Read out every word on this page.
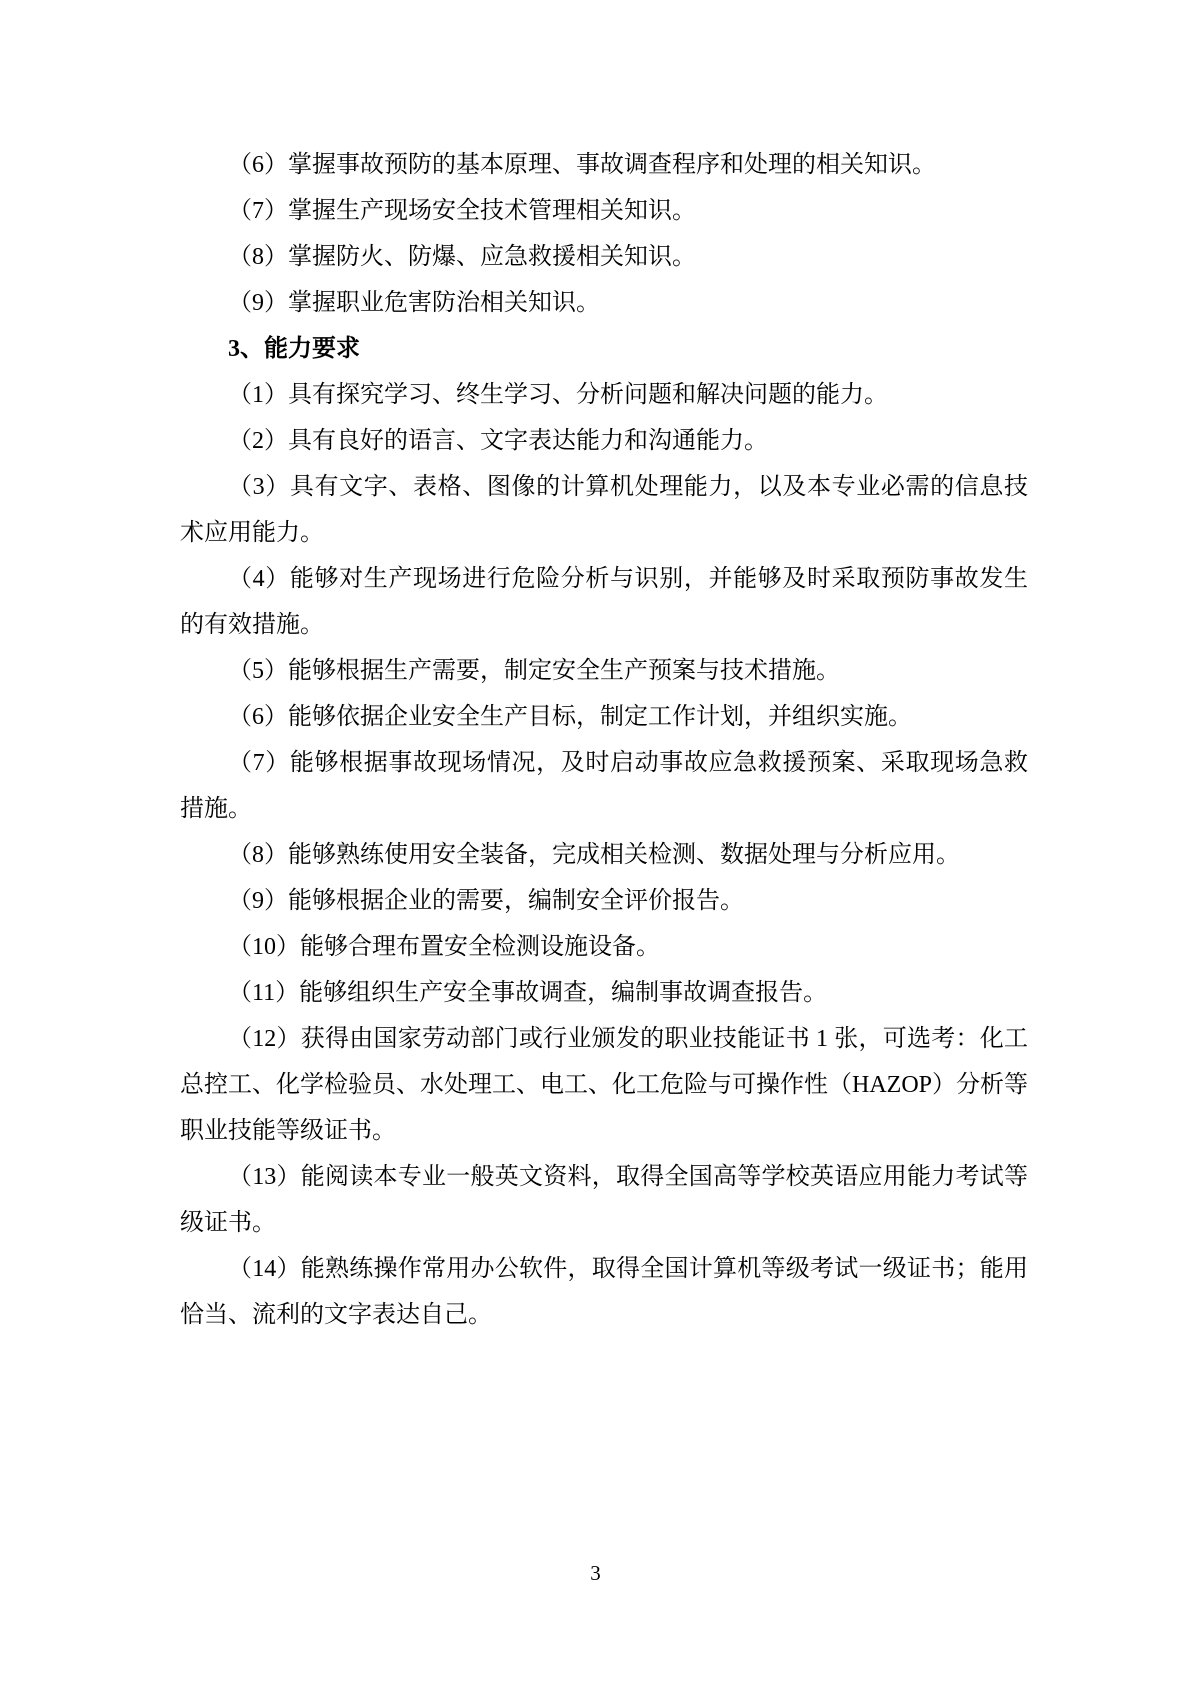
（6）掌握事故预防的基本原理、事故调查程序和处理的相关知识。

（7）掌握生产现场安全技术管理相关知识。

（8）掌握防火、防爆、应急救援相关知识。

（9）掌握职业危害防治相关知识。

3、能力要求

（1）具有探究学习、终生学习、分析问题和解决问题的能力。

（2）具有良好的语言、文字表达能力和沟通能力。

（3）具有文字、表格、图像的计算机处理能力，以及本专业必需的信息技术应用能力。

（4）能够对生产现场进行危险分析与识别，并能够及时采取预防事故发生的有效措施。

（5）能够根据生产需要，制定安全生产预案与技术措施。

（6）能够依据企业安全生产目标，制定工作计划，并组织实施。

（7）能够根据事故现场情况，及时启动事故应急救援预案、采取现场急救措施。

（8）能够熟练使用安全装备，完成相关检测、数据处理与分析应用。

（9）能够根据企业的需要，编制安全评价报告。

（10）能够合理布置安全检测设施设备。

（11）能够组织生产安全事故调查，编制事故调查报告。

（12）获得由国家劳动部门或行业颁发的职业技能证书 1 张，可选考：化工总控工、化学检验员、水处理工、电工、化工危险与可操作性（HAZOP）分析等职业技能等级证书。

（13）能阅读本专业一般英文资料，取得全国高等学校英语应用能力考试等级证书。

（14）能熟练操作常用办公软件，取得全国计算机等级考试一级证书；能用恰当、流利的文字表达自己。

3
